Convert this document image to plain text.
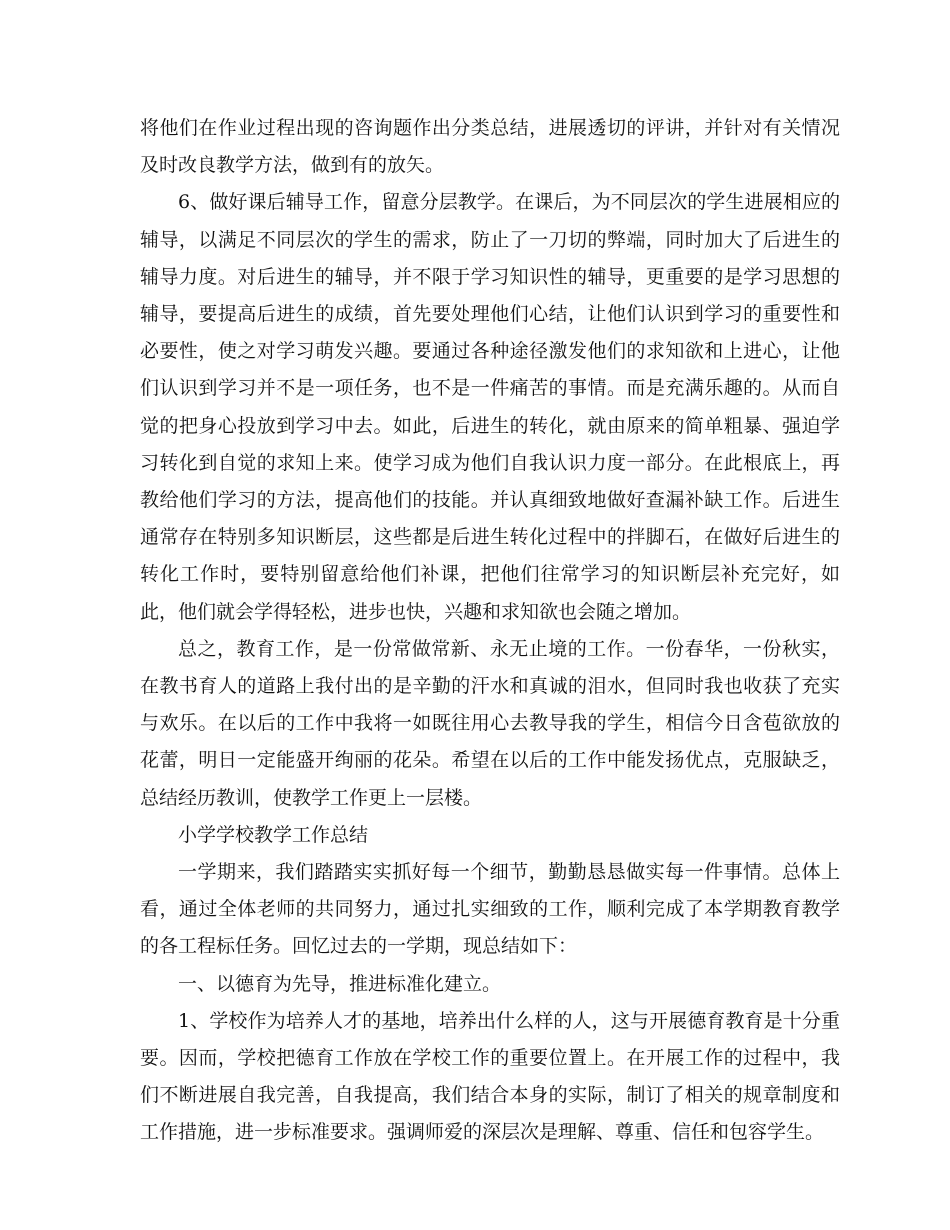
将他们在作业过程出现的咨询题作出分类总结，进展透切的评讲，并针对有关情况及时改良教学方法，做到有的放矢。

6、做好课后辅导工作，留意分层教学。在课后，为不同层次的学生进展相应的辅导，以满足不同层次的学生的需求，防止了一刀切的弊端，同时加大了后进生的辅导力度。对后进生的辅导，并不限于学习知识性的辅导，更重要的是学习思想的辅导，要提高后进生的成绩，首先要处理他们心结，让他们认识到学习的重要性和必要性，使之对学习萌发兴趣。要通过各种途径激发他们的求知欲和上进心，让他们认识到学习并不是一项任务，也不是一件痛苦的事情。而是充满乐趣的。从而自觉的把身心投放到学习中去。如此，后进生的转化，就由原来的简单粗暴、强迫学习转化到自觉的求知上来。使学习成为他们自我认识力度一部分。在此根底上，再教给他们学习的方法，提高他们的技能。并认真细致地做好查漏补缺工作。后进生通常存在特别多知识断层，这些都是后进生转化过程中的拌脚石，在做好后进生的转化工作时，要特别留意给他们补课，把他们往常学习的知识断层补充完好，如此，他们就会学得轻松，进步也快，兴趣和求知欲也会随之增加。

总之，教育工作，是一份常做常新、永无止境的工作。一份春华，一份秋实，在教书育人的道路上我付出的是辛勤的汗水和真诚的泪水，但同时我也收获了充实与欢乐。在以后的工作中我将一如既往用心去教导我的学生，相信今日含苞欲放的花蕾，明日一定能盛开绚丽的花朵。希望在以后的工作中能发扬优点，克服缺乏，总结经历教训，使教学工作更上一层楼。

小学学校教学工作总结

一学期来，我们踏踏实实抓好每一个细节，勤勤恳恳做实每一件事情。总体上看，通过全体老师的共同努力，通过扎实细致的工作，顺利完成了本学期教育教学的各工程标任务。回忆过去的一学期，现总结如下：

一、以德育为先导，推进标准化建立。

1、学校作为培养人才的基地，培养出什么样的人，这与开展德育教育是十分重要。因而，学校把德育工作放在学校工作的重要位置上。在开展工作的过程中，我们不断进展自我完善，自我提高，我们结合本身的实际，制订了相关的规章制度和工作措施，进一步标准要求。强调师爱的深层次是理解、尊重、信任和包容学生。
